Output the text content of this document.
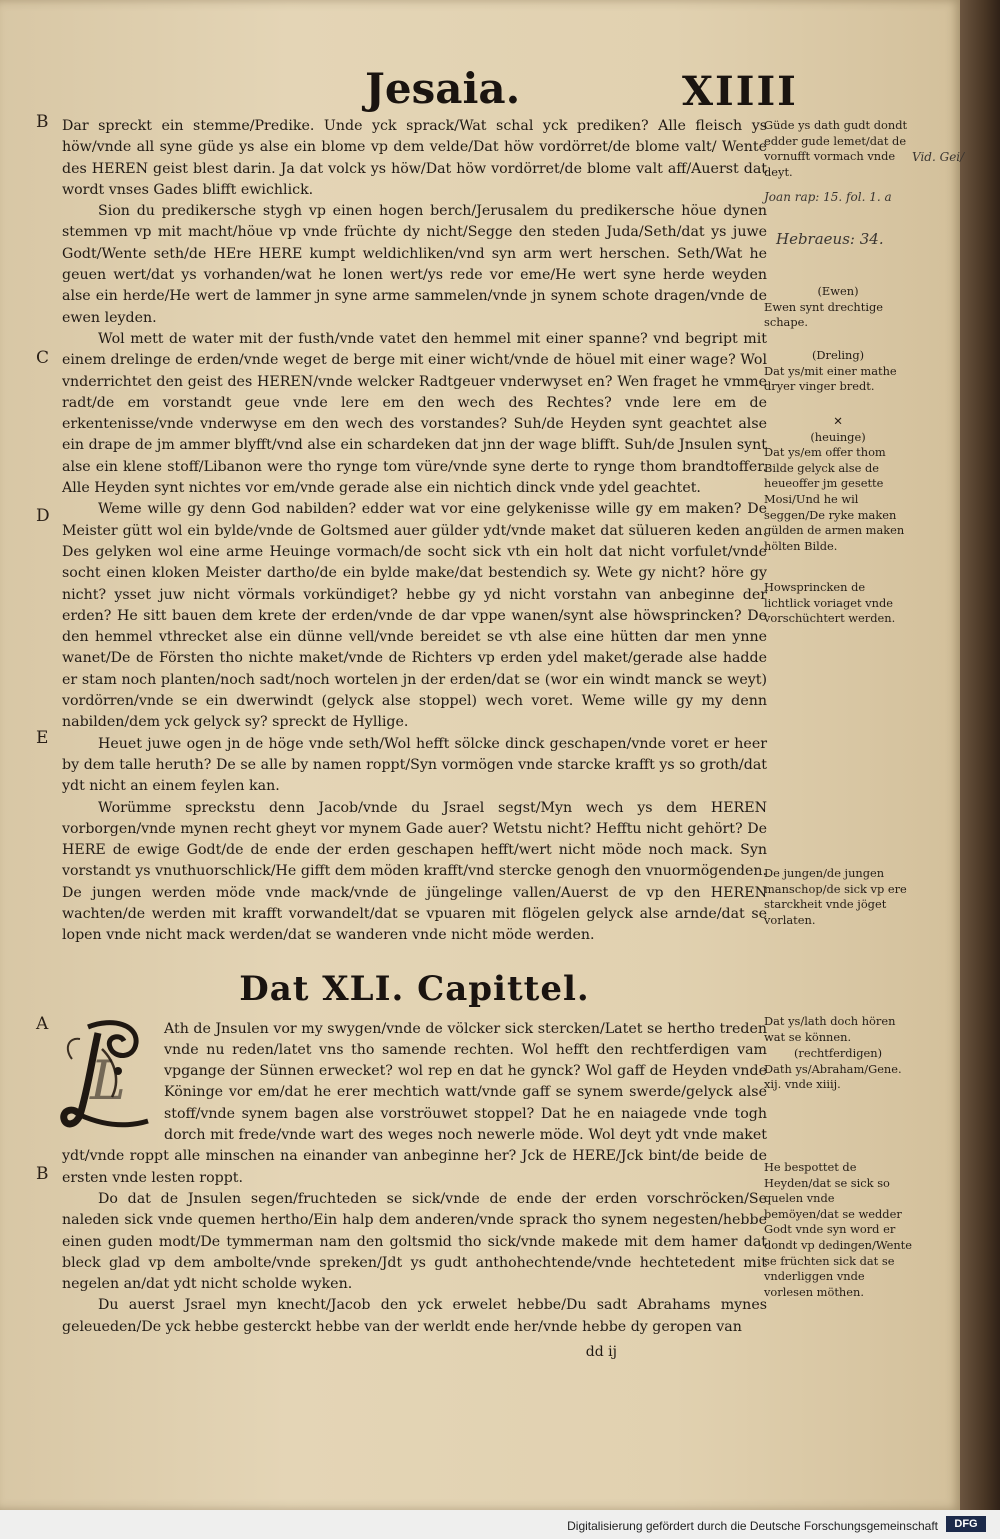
Jesaia.	XIIII
B
C
D
E
A
B

Dar spreckt ein stemme/Predike. Unde yck sprack/Wat schal yck prediken? Alle fleisch ys höw/vnde all syne güde ys alse ein blome vp dem velde/Dat höw vordörret/de blome valt/ Wente des HEREN geist blest darin. Ja dat volck ys höw/Dat höw vordörret/de blome valt aff/Auerst dat wordt vnses Gades blifft ewichlick.

Sion du predikersche stygh vp einen hogen berch/Jerusalem du predikersche höue dynen stemmen vp mit macht/höue vp vnde früchte dy nicht/Segge den steden Juda/Seth/dat ys juwe Godt/Wente seth/de HEre HERE kumpt weldichliken/vnd syn arm wert herschen. Seth/Wat he geuen wert/dat ys vorhanden/wat he lonen wert/ys rede vor eme/He wert syne herde weyden alse ein herde/He wert de lammer jn syne arme sammelen/vnde jn synem schote dragen/vnde de ewen leyden.

Wol mett de water mit der fusth/vnde vatet den hemmel mit einer spanne? vnd begript mit einem drelinge de erden/vnde weget de berge mit einer wicht/vnde de höuel mit einer wage? Wol vnderrichtet den geist des HEREN/vnde welcker Radtgeuer vnderwyset en? Wen fraget he vmme radt/de em vorstandt geue vnde lere em den wech des Rechtes? vnde lere em de erkentenisse/vnde vnderwyse em den wech des vorstandes? Suh/de Heyden synt geachtet alse ein drape de jm ammer blyfft/vnd alse ein schardeken dat jnn der wage blifft. Suh/de Jnsulen synt alse ein klene stoff/Libanon were tho rynge tom vüre/vnde syne derte to rynge thom brandtoffer. Alle Heyden synt nichtes vor em/vnde gerade alse ein nichtich dinck vnde ydel geachtet.

Weme wille gy denn God nabilden? edder wat vor eine gelykenisse wille gy em maken? De Meister gütt wol ein bylde/vnde de Goltsmed auer gülder ydt/vnde maket dat sülueren keden an. Des gelyken wol eine arme Heuinge vormach/de socht sick vth ein holt dat nicht vorfulet/vnde socht einen kloken Meister dartho/de ein bylde make/dat bestendich sy. Wete gy nicht? höre gy nicht? ysset juw nicht vörmals vorkündiget? hebbe gy yd nicht vorstahn van anbeginne der erden? He sitt bauen dem krete der erden/vnde de dar vppe wanen/synt alse höwsprincken? De den hemmel vthrecket alse ein dünne vell/vnde bereidet se vth alse eine hütten dar men ynne wanet/De de Försten tho nichte maket/vnde de Richters vp erden ydel maket/gerade alse hadde er stam noch planten/noch sadt/noch wortelen jn der erden/dat se (wor ein windt manck se weyt) vordörren/vnde se ein dwerwindt (gelyck alse stoppel) wech voret. Weme wille gy my denn nabilden/dem yck gelyck sy? spreckt de Hyllige.

Heuet juwe ogen jn de höge vnde seth/Wol hefft sölcke dinck geschapen/vnde voret er heer by dem talle heruth? De se alle by namen roppt/Syn vormögen vnde starcke krafft ys so groth/dat ydt nicht an einem feylen kan.

Worümme spreckstu denn Jacob/vnde du Jsrael segst/Myn wech ys dem HEREN vorborgen/vnde mynen recht gheyt vor mynem Gade auer? Wetstu nicht? Hefftu nicht gehört? De HERE de ewige Godt/de de ende der erden geschapen hefft/wert nicht möde noch mack. Syn vorstandt ys vnuthuorschlick/He gifft dem möden krafft/vnd stercke genogh den vnuormögenden. De jungen werden möde vnde mack/vnde de jüngelinge vallen/Auerst de vp den HEREN wachten/de werden mit krafft vorwandelt/dat se vpuaren mit flögelen gelyck alse arnde/dat se lopen vnde nicht mack werden/dat se wanderen vnde nicht möde werden.

Dat XLI. Capittel.
L

Ath de Jnsulen vor my swygen/vnde de völcker sick stercken/Latet se hertho treden vnde nu reden/latet vns tho samende rechten. Wol hefft den rechtferdigen vam vpgange der Sünnen erwecket? wol rep en dat he gynck? Wol gaff de Heyden vnde Köninge vor em/dat he erer mechtich watt/vnde gaff se synem swerde/gelyck alse stoff/vnde synem bagen alse vorströuwet stoppel? Dat he en naiagede vnde togh dorch mit frede/vnde wart des weges noch newerle möde. Wol deyt ydt vnde maket ydt/vnde roppt alle minschen na einander van anbeginne her? Jck de HERE/Jck bint/de beide de ersten vnde lesten roppt.

Do dat de Jnsulen segen/fruchteden se sick/vnde de ende der erden vorschröcken/Se naleden sick vnde quemen hertho/Ein halp dem anderen/vnde sprack tho synem negesten/hebbe einen guden modt/De tymmerman nam den goltsmid tho sick/vnde makede mit dem hamer dat bleck glad vp dem ambolte/vnde spreken/Jdt ys gudt anthohechtende/vnde hechtetedent mit negelen an/dat ydt nicht scholde wyken.

Du auerst Jsrael myn knecht/Jacob den yck erwelet hebbe/Du sadt Abrahams mynes geleueden/De yck hebbe gesterckt hebbe van der werldt ende her/vnde hebbe dy geropen van

dd ij
Güde ys dath gudt dondt edder gude lemet/dat de vornufft vormach vnde deyt.
(Ewen)
Ewen synt drechtige schape.
(Dreling)
Dat ys/mit einer mathe dryer vinger bredt.
✕
(heuinge)
Dat ys/em offer thom Bilde gelyck alse de heueoffer jm gesette Mosi/Und he wil seggen/De ryke maken gülden de armen maken hölten Bilde.
Howsprincken de lichtlick voriaget vnde vorschüchtert werden.
De jungen/de jungen manschop/de sick vp ere starckheit vnde jöget vorlaten.
Dat ys/lath doch hören wat se können.
(rechtferdigen)
Dath ys/Abraham/Gene. xij. vnde xiiij.
He bespottet de Heyden/dat se sick so quelen vnde bemöyen/dat se wedder Godt vnde syn word er dondt vp dedingen/Wente se früchten sick dat se vnderliggen vnde vorlesen möthen.
Vid. Gei/
Joan rap: 15. fol. 1. a
Hebraeus: 34.
Digitalisierung gefördert durch die Deutsche Forschungsgemeinschaft	DFG
